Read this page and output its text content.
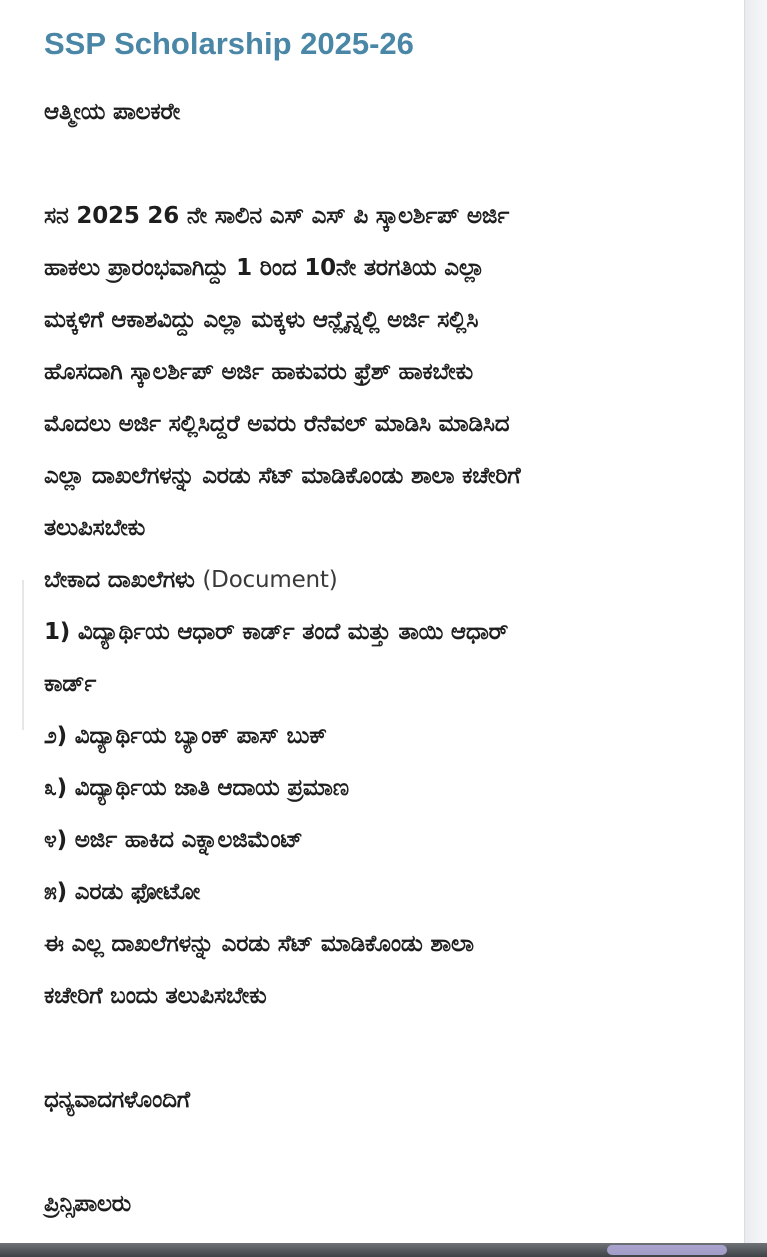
SSP Scholarship 2025-26
ಆತ್ಮೀಯ ಪಾಲಕರೇ
ಸನ 2025 26 ನೇ ಸಾಲಿನ ಎಸ್ ಎಸ್ ಪಿ ಸ್ಕಾಲರ್ಶಿಪ್ ಅರ್ಜಿ
ಹಾಕಲು ಪ್ರಾರಂಭವಾಗಿದ್ದು 1 ರಿಂದ 10ನೇ ತರಗತಿಯ ಎಲ್ಲಾ
ಮಕ್ಕಳಿಗೆ ಆಕಾಶವಿದ್ದು ಎಲ್ಲಾ ಮಕ್ಕಳು ಆನ್ಲೈನ್ನಲ್ಲಿ ಅರ್ಜಿ ಸಲ್ಲಿಸಿ
ಹೊಸದಾಗಿ ಸ್ಕಾಲರ್ಶಿಪ್ ಅರ್ಜಿ ಹಾಕುವರು ಫ್ರೆಶ್ ಹಾಕಬೇಕು
ಮೊದಲು ಅರ್ಜಿ ಸಲ್ಲಿಸಿದ್ದರೆ ಅವರು ರೆನೆವಲ್ ಮಾಡಿಸಿ ಮಾಡಿಸಿದ
ಎಲ್ಲಾ ದಾಖಲೆಗಳನ್ನು ಎರಡು ಸೆಟ್ ಮಾಡಿಕೊಂಡು ಶಾಲಾ ಕಚೇರಿಗೆ
ತಲುಪಿಸಬೇಕು
ಬೇಕಾದ ದಾಖಲೆಗಳು (Document)
1) ವಿದ್ಯಾರ್ಥಿಯ ಆಧಾರ್ ಕಾರ್ಡ್ ತಂದೆ ಮತ್ತು ತಾಯಿ ಆಧಾರ್
ಕಾರ್ಡ್
೨) ವಿದ್ಯಾರ್ಥಿಯ ಬ್ಯಾಂಕ್ ಪಾಸ್ ಬುಕ್
೩) ವಿದ್ಯಾರ್ಥಿಯ ಜಾತಿ ಆದಾಯ ಪ್ರಮಾಣ
೪) ಅರ್ಜಿ ಹಾಕಿದ ಎಕ್ನಾಲಜಿಮೆಂಟ್
೫) ಎರಡು ಫೋಟೋ
ಈ ಎಲ್ಲ ದಾಖಲೆಗಳನ್ನು ಎರಡು ಸೆಟ್ ಮಾಡಿಕೊಂಡು ಶಾಲಾ
ಕಚೇರಿಗೆ ಬಂದು ತಲುಪಿಸಬೇಕು
ಧನ್ಯವಾದಗಳೊಂದಿಗೆ
ಪ್ರಿನ್ಸಿಪಾಲರು
